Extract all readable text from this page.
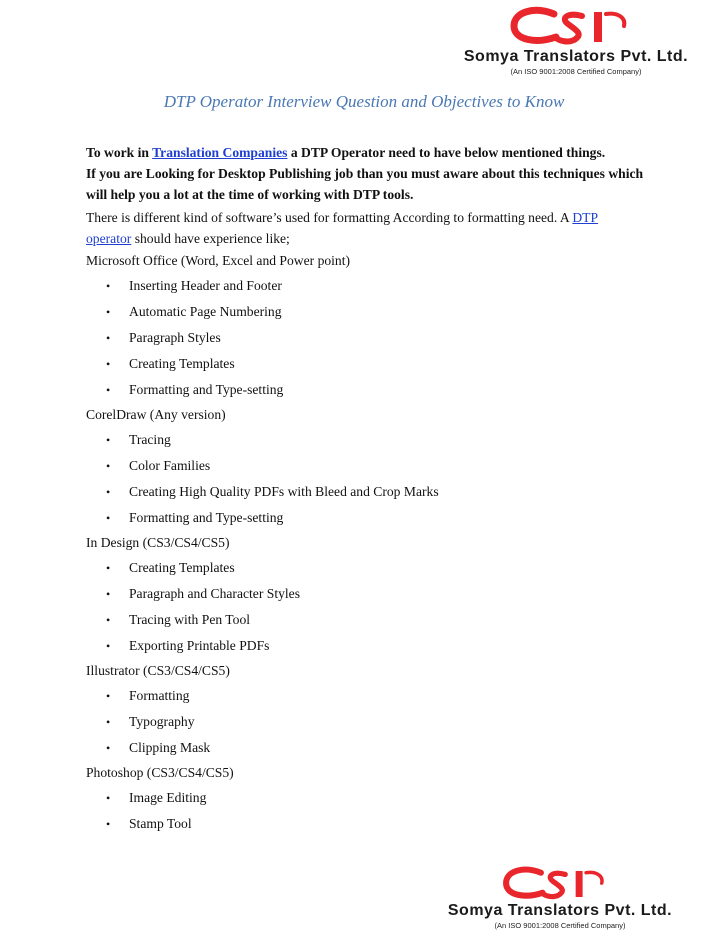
Somya Translators Pvt. Ltd.
(An ISO 9001:2008 Certified Company)
DTP Operator Interview Question and Objectives to Know

To work in Translation Companies a DTP Operator need to have below mentioned things.

If you are Looking for Desktop Publishing job than you must aware about this techniques which will help you a lot at the time of working with DTP tools.

There is different kind of software’s used for formatting According to formatting need. A DTP operator should have experience like;

Microsoft Office (Word, Excel and Power point)

• Inserting Header and Footer
• Automatic Page Numbering
• Paragraph Styles
• Creating Templates
• Formatting and Type-setting

CorelDraw (Any version)

• Tracing
• Color Families
• Creating High Quality PDFs with Bleed and Crop Marks
• Formatting and Type-setting

In Design (CS3/CS4/CS5)

• Creating Templates
• Paragraph and Character Styles
• Tracing with Pen Tool
• Exporting Printable PDFs

Illustrator (CS3/CS4/CS5)

• Formatting
• Typography
• Clipping Mask

Photoshop (CS3/CS4/CS5)

• Image Editing
• Stamp Tool
Somya Translators Pvt. Ltd.
(An ISO 9001:2008 Certified Company)
